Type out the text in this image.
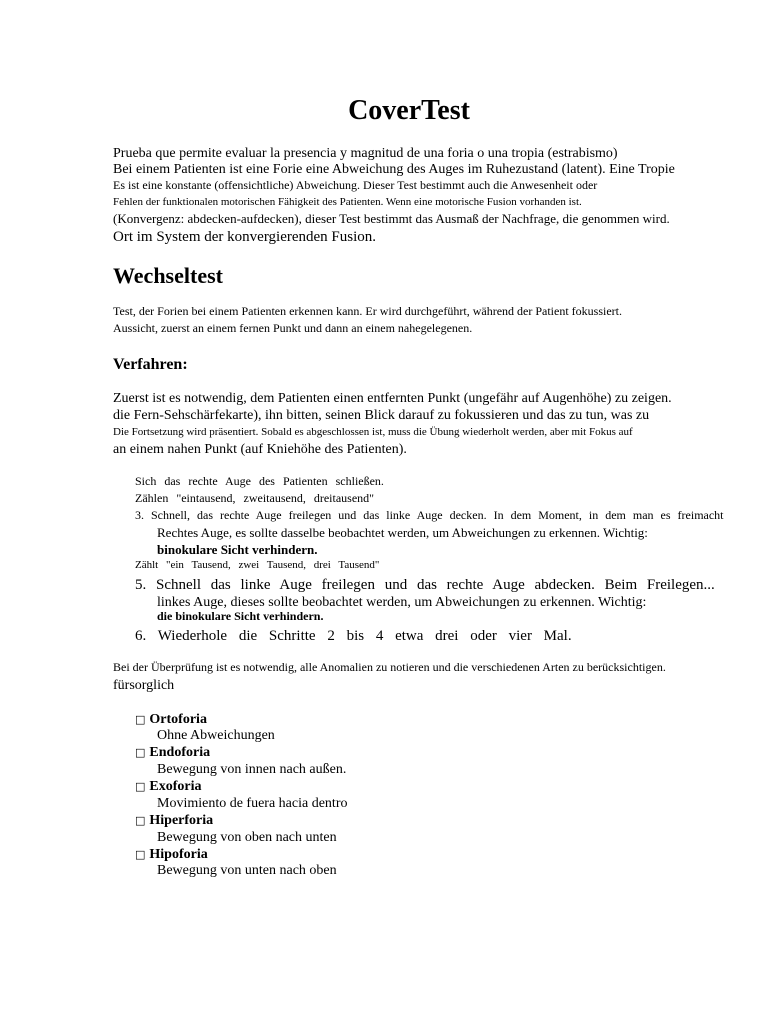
CoverTest
Prueba que permite evaluar la presencia y magnitud de una foria o una tropia (estrabismo)
Bei einem Patienten ist eine Forie eine Abweichung des Auges im Ruhezustand (latent). Eine Tropie
Es ist eine konstante (offensichtliche) Abweichung. Dieser Test bestimmt auch die Anwesenheit oder
Fehlen der funktionalen motorischen Fähigkeit des Patienten. Wenn eine motorische Fusion vorhanden ist.
(Konvergenz: abdecken-aufdecken), dieser Test bestimmt das Ausmaß der Nachfrage, die genommen wird.
Ort im System der konvergierenden Fusion.
Wechseltest
Test, der Forien bei einem Patienten erkennen kann. Er wird durchgeführt, während der Patient fokussiert.
Aussicht, zuerst an einem fernen Punkt und dann an einem nahegelegenen.
Verfahren:
Zuerst ist es notwendig, dem Patienten einen entfernten Punkt (ungefähr auf Augenhöhe) zu zeigen.
die Fern-Sehschärfekarte), ihn bitten, seinen Blick darauf zu fokussieren und das zu tun, was zu
Die Fortsetzung wird präsentiert. Sobald es abgeschlossen ist, muss die Übung wiederholt werden, aber mit Fokus auf
an einem nahen Punkt (auf Kniehöhe des Patienten).
Sich das rechte Auge des Patienten schließen.
Zählen "eintausend, zweitausend, dreitausend"
3. Schnell, das rechte Auge freilegen und das linke Auge decken. In dem Moment, in dem man es freimacht
Rechtes Auge, es sollte dasselbe beobachtet werden, um Abweichungen zu erkennen. Wichtig:
binokulare Sicht verhindern.
Zählt "ein Tausend, zwei Tausend, drei Tausend"
5. Schnell das linke Auge freilegen und das rechte Auge abdecken. Beim Freilegen...
linkes Auge, dieses sollte beobachtet werden, um Abweichungen zu erkennen. Wichtig:
die binokulare Sicht verhindern.
6. Wiederhole die Schritte 2 bis 4 etwa drei oder vier Mal.
Bei der Überprüfung ist es notwendig, alle Anomalien zu notieren und die verschiedenen Arten zu berücksichtigen.
fürsorglich
□ Ortoforia
Ohne Abweichungen
□ Endoforia
Bewegung von innen nach außen.
□ Exoforia
Movimiento de fuera hacia dentro
□ Hiperforia
Bewegung von oben nach unten
□ Hipoforia
Bewegung von unten nach oben
